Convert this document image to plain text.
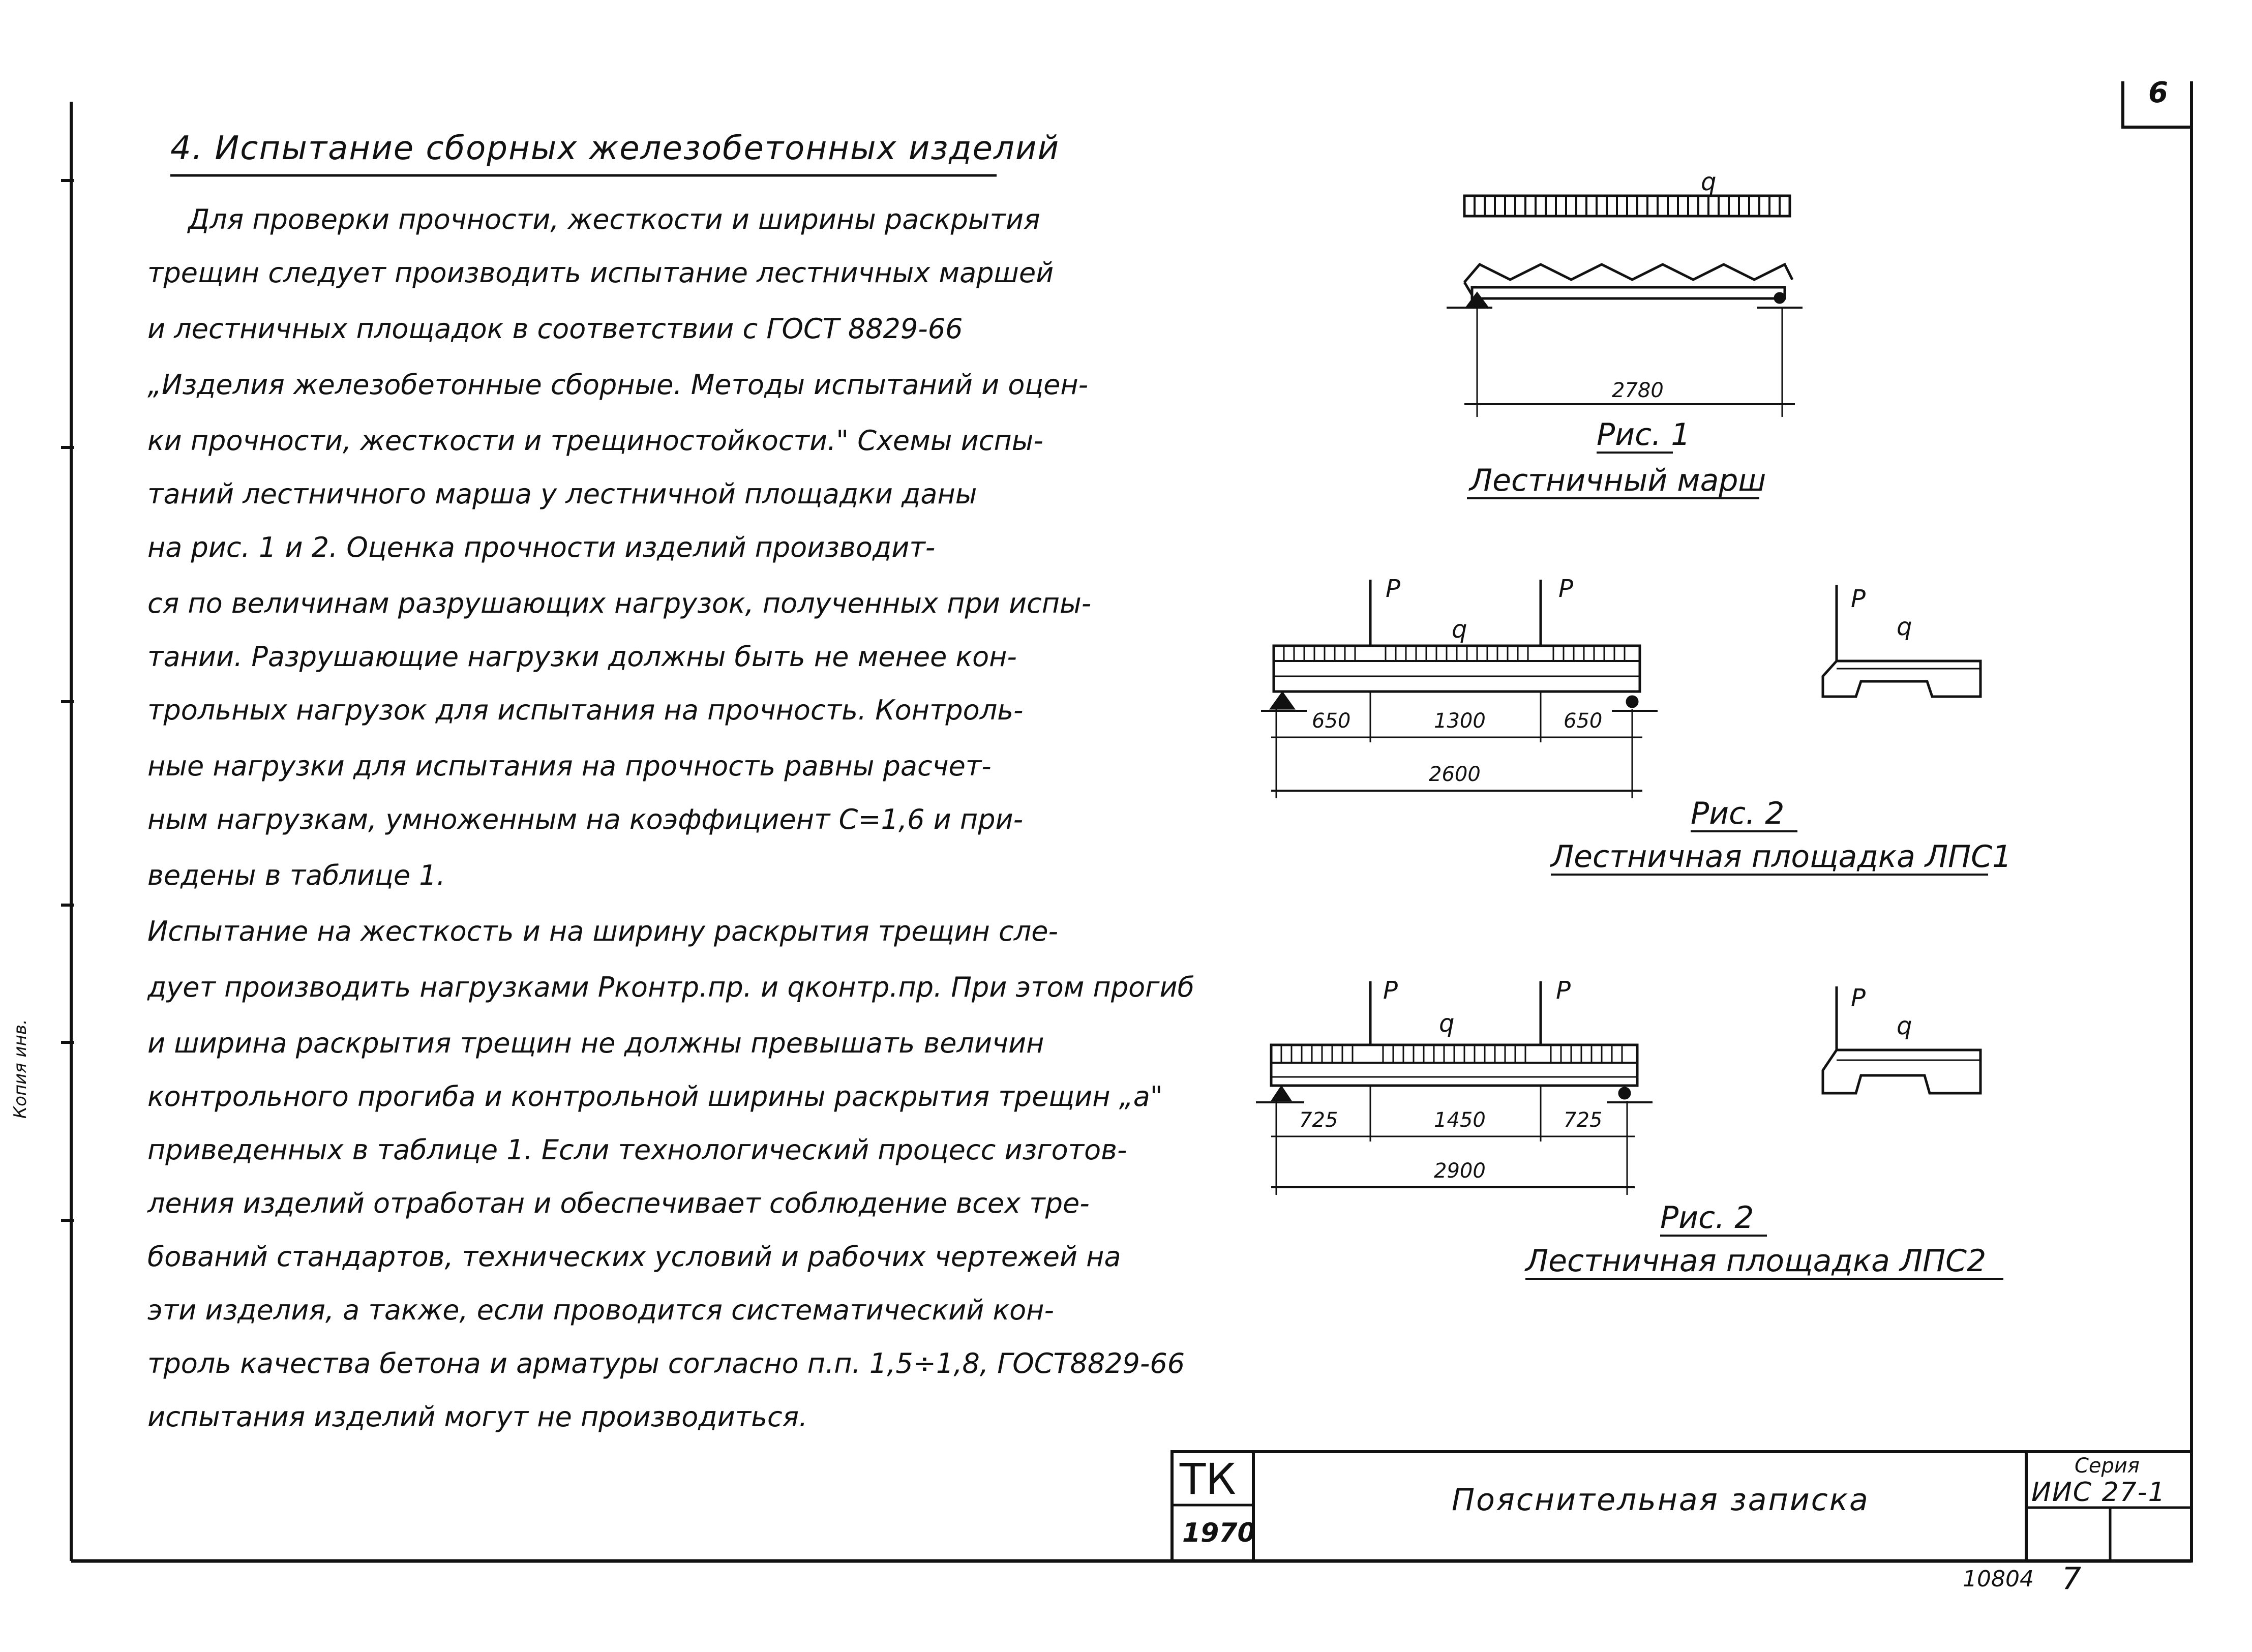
6
4. Испытание сборных железобетонных изделий
Для проверки прочности, жесткости и ширины раскрытия
трещин следует производить испытание лестничных маршей
и лестничных площадок в соответствии с ГОСТ 8829-66
„Изделия железобетонные сборные. Методы испытаний и оцен-
ки прочности, жесткости и трещиностойкости." Схемы испы-
таний лестничного марша у лестничной площадки даны
на рис. 1 и 2. Оценка прочности изделий производит-
ся по величинам разрушающих нагрузок, полученных при испы-
тании. Разрушающие нагрузки должны быть не менее кон-
трольных нагрузок для испытания на прочность. Контроль-
ные нагрузки для испытания на прочность равны расчет-
ным нагрузкам, умноженным на коэффициент С=1,6 и при-
ведены в таблице 1.
Испытание на жесткость и на ширину раскрытия трещин сле-
дует производить нагрузками Pконтр.пр. и qконтр.пр. При этом прогиб
и ширина раскрытия трещин не должны превышать величин
контрольного прогиба и контрольной ширины раскрытия трещин „а"
приведенных в таблице 1. Если технологический процесс изготов-
ления изделий отработан и обеспечивает соблюдение всех тре-
бований стандартов, технических условий и рабочих чертежей на
эти изделия, а также, если проводится систематический кон-
троль качества бетона и арматуры согласно п.п. 1,5÷1,8, ГОСТ8829-66
испытания изделий могут не производиться.
q
2780
Рис. 1
Лестничный марш
P	P
q
P
q
650	1300	650
2600
Рис. 2
Лестничная площадка ЛПС1
P	P
q
P
q
725	1450	725
2900
Рис. 2
Лестничная площадка ЛПС2
ТК
1970
Пояснительная записка
Серия
ИИС 27-1
10804 7
Копия инв.
